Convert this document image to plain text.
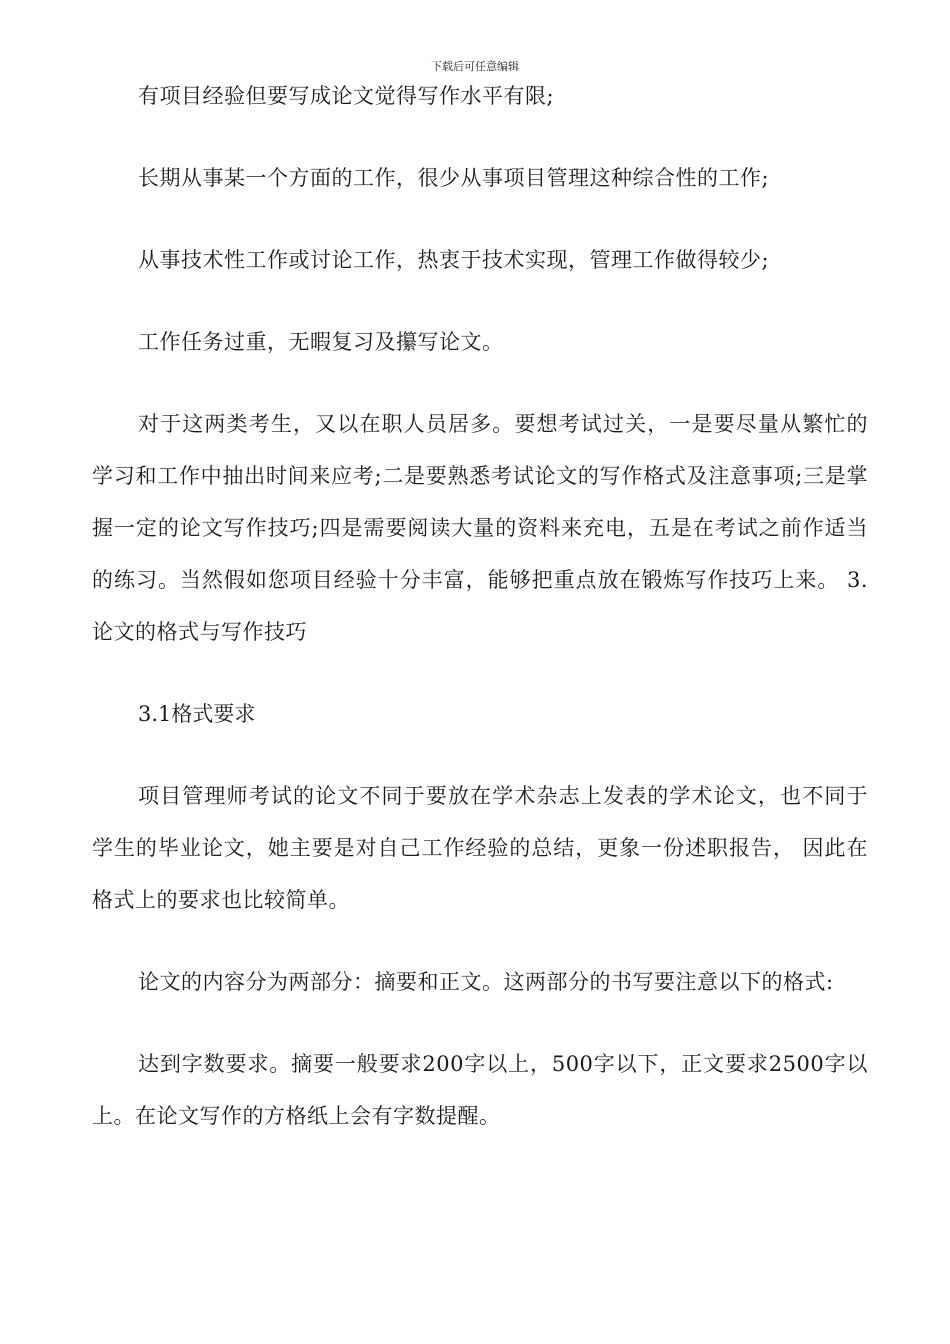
下载后可任意编辑

有项目经验但要写成论文觉得写作水平有限;

长期从事某一个方面的工作，很少从事项目管理这种综合性的工作;

从事技术性工作或讨论工作，热衷于技术实现，管理工作做得较少;

工作任务过重，无暇复习及攥写论文。

对于这两类考生，又以在职人员居多。要想考试过关，一是要尽量从繁忙的学习和工作中抽出时间来应考;二是要熟悉考试论文的写作格式及注意事项;三是掌握一定的论文写作技巧;四是需要阅读大量的资料来充电，五是在考试之前作适当的练习。当然假如您项目经验十分丰富，能够把重点放在锻炼写作技巧上来。 3.论文的格式与写作技巧

3.1格式要求

项目管理师考试的论文不同于要放在学术杂志上发表的学术论文，也不同于学生的毕业论文，她主要是对自己工作经验的总结，更象一份述职报告， 因此在格式上的要求也比较简单。

论文的内容分为两部分：摘要和正文。这两部分的书写要注意以下的格式:

达到字数要求。摘要一般要求200字以上，500字以下，正文要求2500字以上。在论文写作的方格纸上会有字数提醒。
